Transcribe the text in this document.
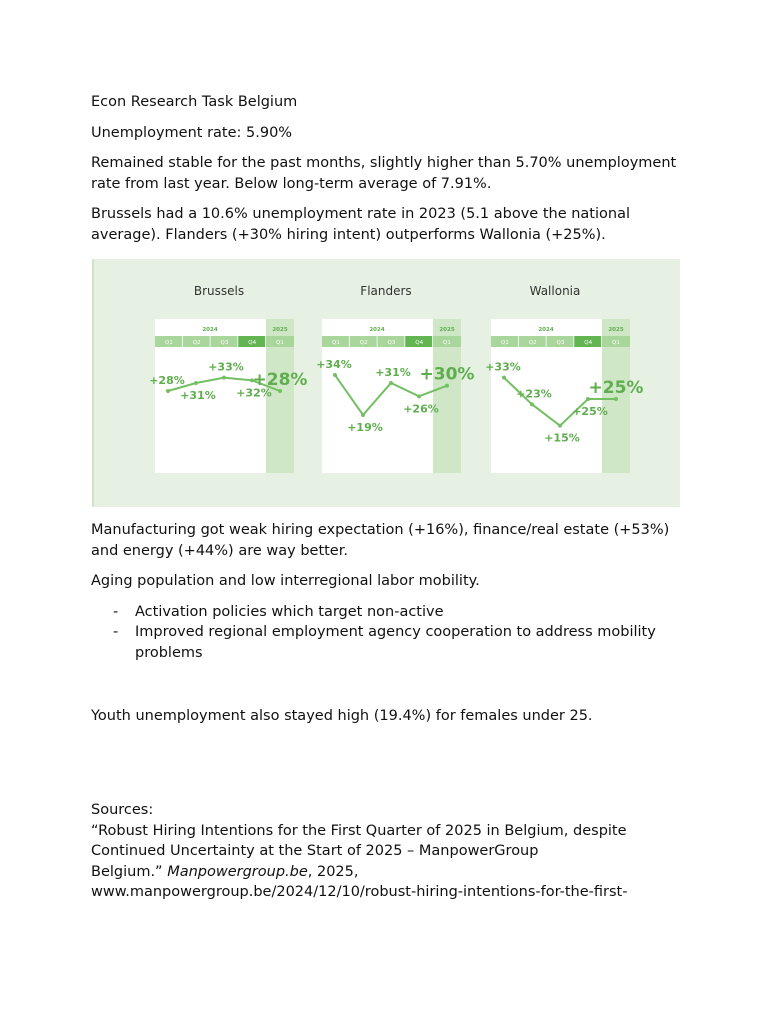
Econ Research Task Belgium

Unemployment rate: 5.90%

Remained stable for the past months, slightly higher than 5.70% unemployment rate from last year. Below long-term average of 7.91%.

Brussels had a 10.6% unemployment rate in 2023 (5.1 above the national average). Flanders (+30% hiring intent) outperforms Wallonia (+25%).

Brussels
2024	2025
Q1	Q2	Q3	Q4	Q1
+28%
+31%
+33%
+32%
+28%
Flanders
2024	2025
Q1	Q2	Q3	Q4	Q1
+34%
+19%
+31%
+26%
+30%
Wallonia
2024	2025
Q1	Q2	Q3	Q4	Q1
+33%
+23%
+15%
+25%
+25%

Manufacturing got weak hiring expectation (+16%), finance/real estate (+53%) and energy (+44%) are way better.

Aging population and low interregional labor mobility.

- Activation policies which target non-active
- Improved regional employment agency cooperation to address mobility problems
Youth unemployment also stayed high (19.4%) for females under 25.
Sources:
“Robust Hiring Intentions for the First Quarter of 2025 in Belgium, despite
Continued Uncertainty at the Start of 2025 – ManpowerGroup
Belgium.” Manpowergroup.be, 2025,
www.manpowergroup.be/2024/12/10/robust-hiring-intentions-for-the-first-
